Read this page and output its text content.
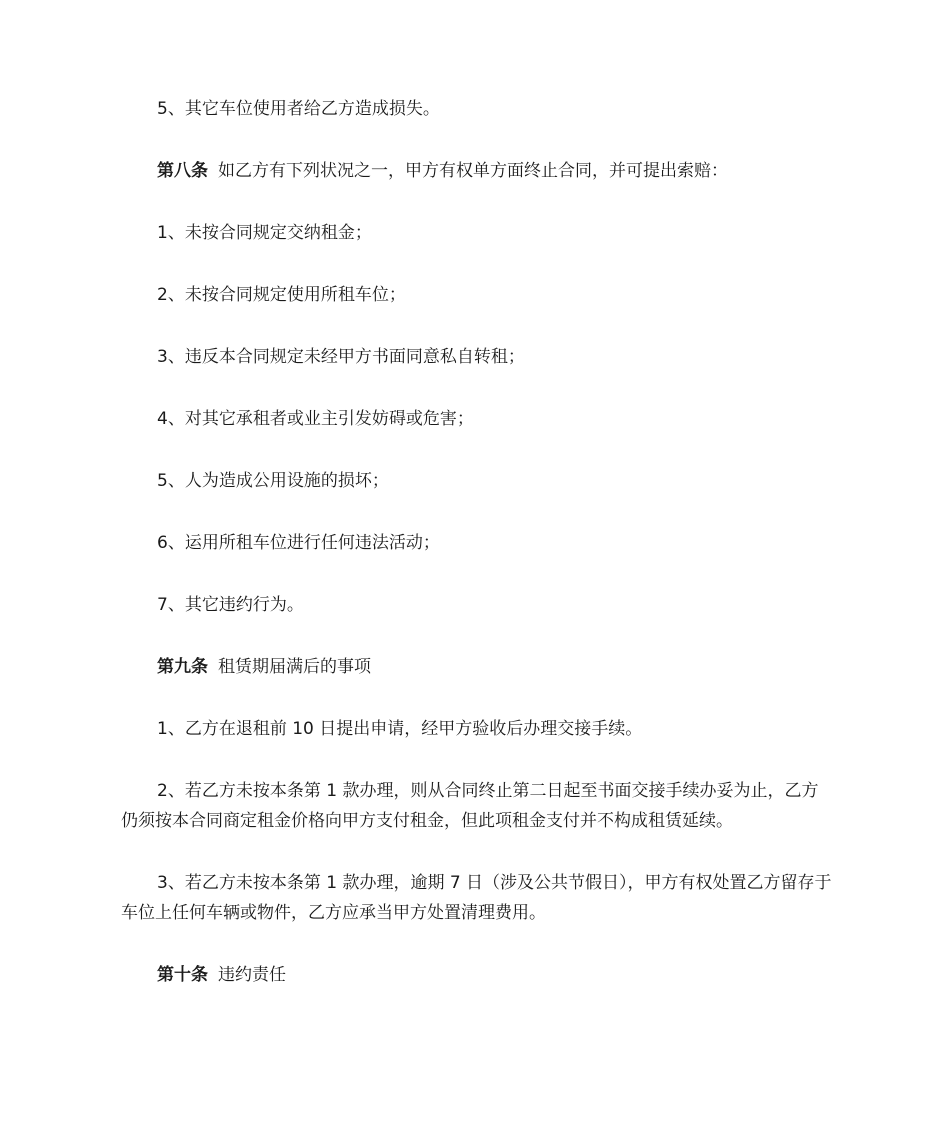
5、其它车位使用者给乙方造成损失。

第八条 如乙方有下列状况之一，甲方有权单方面终止合同，并可提出索赔：

1、未按合同规定交纳租金；

2、未按合同规定使用所租车位；

3、违反本合同规定未经甲方书面同意私自转租；

4、对其它承租者或业主引发妨碍或危害；

5、人为造成公用设施的损坏；

6、运用所租车位进行任何违法活动；

7、其它违约行为。

第九条 租赁期届满后的事项

1、乙方在退租前 10 日提出申请，经甲方验收后办理交接手续。

2、若乙方未按本条第 1 款办理，则从合同终止第二日起至书面交接手续办妥为止，乙方仍须按本合同商定租金价格向甲方支付租金，但此项租金支付并不构成租赁延续。

3、若乙方未按本条第 1 款办理，逾期 7 日（涉及公共节假日），甲方有权处置乙方留存于车位上任何车辆或物件，乙方应承当甲方处置清理费用。

第十条 违约责任
